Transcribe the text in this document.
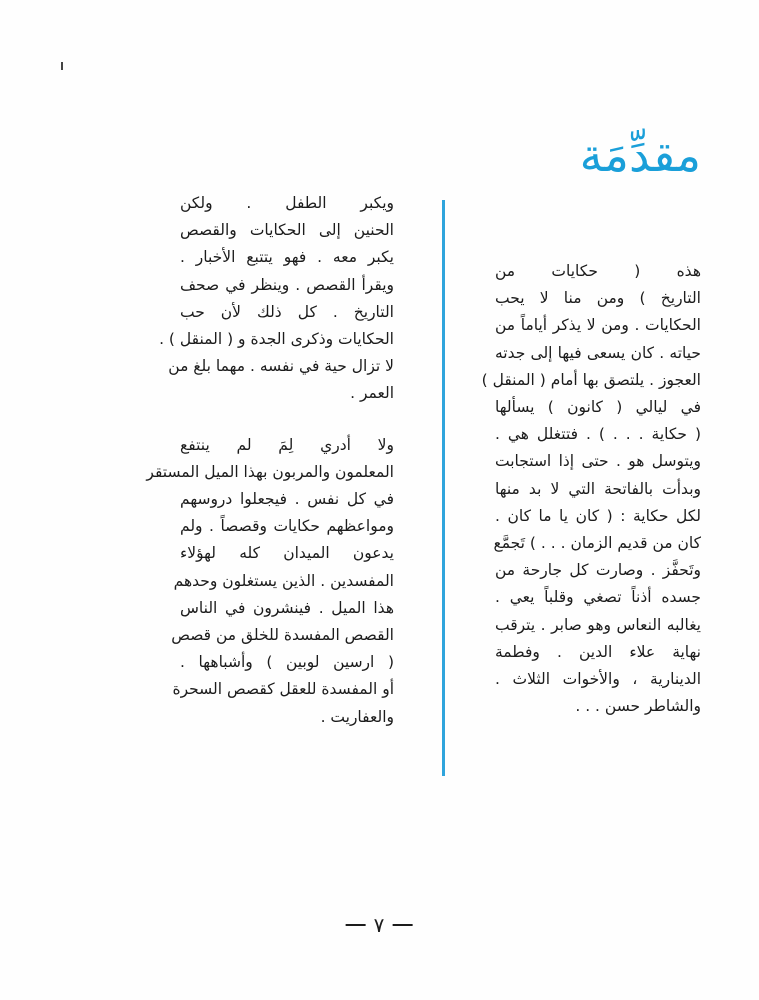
مقدِّمَة

هذه ( حكايات من
التاريخ ) ومن منا لا يحب
الحكايات . ومن لا يذكر أياماً من
حياته . كان يسعى فيها إلى جدته
العجوز . يلتصق بها أمام ( المنقل )
في ليالي ( كانون ) يسألها
( حكاية . . . ) . فتتغلل هي .
ويتوسل هو . حتى إذا استجابت
وبدأت بالفاتحة التي لا بد منها
لكل حكاية : ( كان يا ما كان .
كان من قديم الزمان . . . ) تَجمَّع
وتَحفَّز . وصارت كل جارحة من
جسده أذناً تصغي وقلباً يعي .
يغالبه النعاس وهو صابر . يترقب
نهاية علاء الدين . وفطمة
الدينارية ، والأخوات الثلاث .
والشاطر حسن . . .

ويكبر الطفل . ولكن
الحنين إلى الحكايات والقصص
يكبر معه . فهو يتتبع الأخبار .
ويقرأ القصص . وينظر في صحف
التاريخ . كل ذلك لأن حب
الحكايات وذكرى الجدة و ( المنقل ) .
لا تزال حية في نفسه . مهما بلغ من
العمر .

ولا أدري لِمَ لم ينتفع
المعلمون والمربون بهذا الميل المستقر
في كل نفس . فيجعلوا دروسهم
ومواعظهم حكايات وقصصاً . ولم
يدعون الميدان كله لهؤلاء
المفسدين . الذين يستغلون وحدهم
هذا الميل . فينشرون في الناس
القصص المفسدة للخلق من قصص
( ارسين لوبين ) وأشباهها .
أو المفسدة للعقل كقصص السحرة
والعفاريت .

٧
